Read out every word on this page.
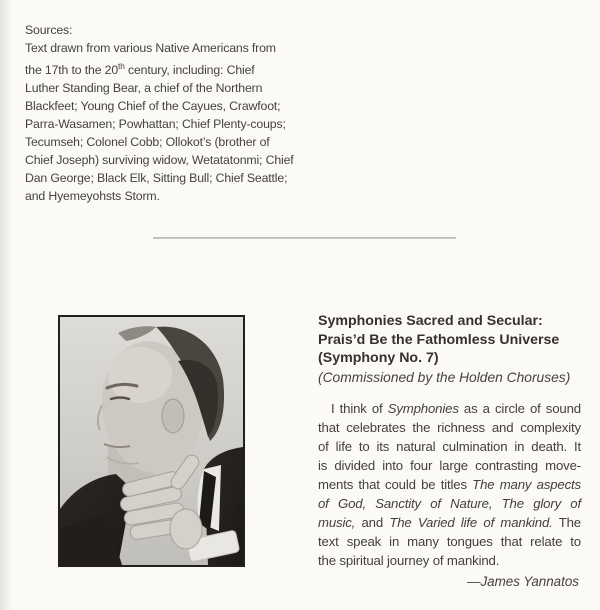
Sources:
Text drawn from various Native Americans from
the 17th to the 20th century, including: Chief
Luther Standing Bear, a chief of the Northern
Blackfeet; Young Chief of the Cayues, Crawfoot;
Parra-Wasamen; Powhattan; Chief Plenty-coups;
Tecumseh; Colonel Cobb; Ollokot’s (brother of
Chief Joseph) surviving widow, Wetatatonmi; Chief
Dan George; Black Elk, Sitting Bull; Chief Seattle;
and Hyemeyohsts Storm.
Symphonies Sacred and Secular:
Prais’d Be the Fathomless Universe
(Symphony No. 7)
(Commissioned by the Holden Choruses)
I think of Symphonies as a circle of sound
that celebrates the richness and complexity
of life to its natural culmination in death. It
is divided into four large contrasting move-
ments that could be titles The many aspects
of God, Sanctity of Nature, The glory of
music, and The Varied life of mankind. The
text speak in many tongues that relate to
the spiritual journey of mankind.
—James Yannatos
